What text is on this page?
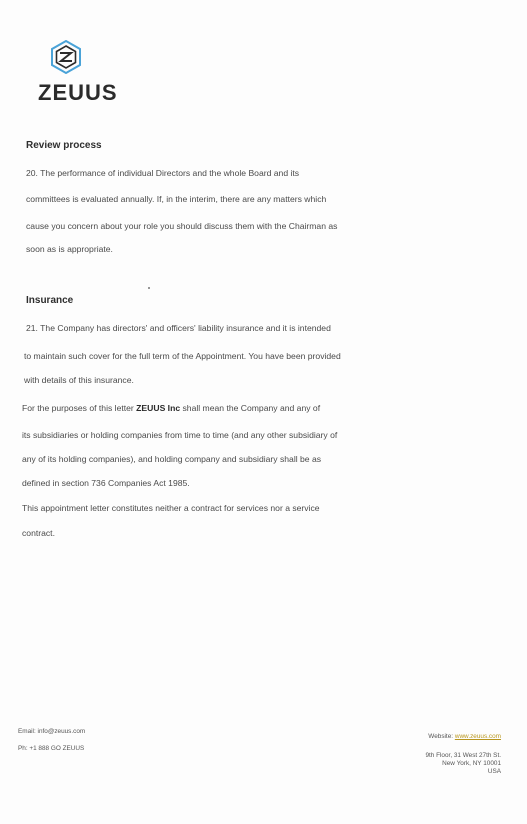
ZEUUS
Review process
20. The performance of individual Directors and the whole Board and its
committees is evaluated annually. If, in the interim, there are any matters which
cause you concern about your role you should discuss them with the Chairman as
soon as is appropriate.
Insurance
21. The Company has directors' and officers' liability insurance and it is intended
to maintain such cover for the full term of the Appointment. You have been provided
with details of this insurance.
For the purposes of this letter ZEUUS Inc shall mean the Company and any of
its subsidiaries or holding companies from time to time (and any other subsidiary of
any of its holding companies), and holding company and subsidiary shall be as
defined in section 736 Companies Act 1985.
This appointment letter constitutes neither a contract for services nor a service
contract.
Email: info@zeuus.com
Ph: +1 888 GO ZEUUS
Website: www.zeuus.com
9th Floor, 31 West 27th St.
New York, NY 10001
USA
